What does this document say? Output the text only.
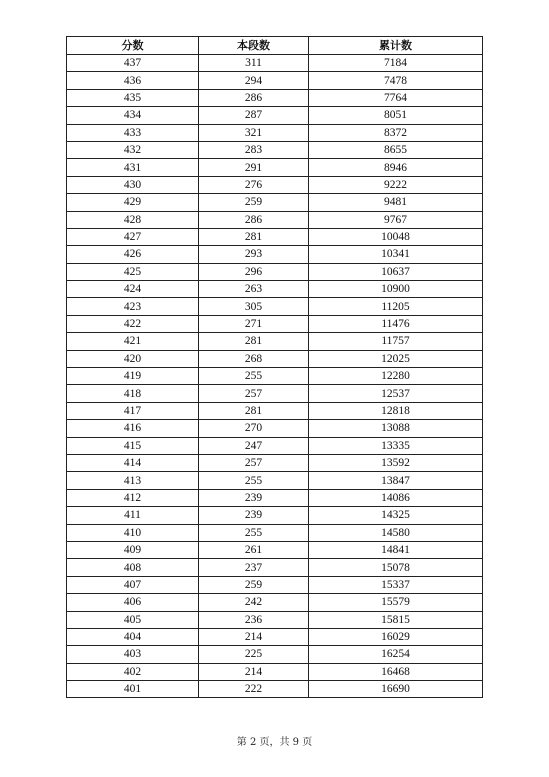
分数	本段数	累计数
437	311	7184
436	294	7478
435	286	7764
434	287	8051
433	321	8372
432	283	8655
431	291	8946
430	276	9222
429	259	9481
428	286	9767
427	281	10048
426	293	10341
425	296	10637
424	263	10900
423	305	11205
422	271	11476
421	281	11757
420	268	12025
419	255	12280
418	257	12537
417	281	12818
416	270	13088
415	247	13335
414	257	13592
413	255	13847
412	239	14086
411	239	14325
410	255	14580
409	261	14841
408	237	15078
407	259	15337
406	242	15579
405	236	15815
404	214	16029
403	225	16254
402	214	16468
401	222	16690
第 2 页，共 9 页
